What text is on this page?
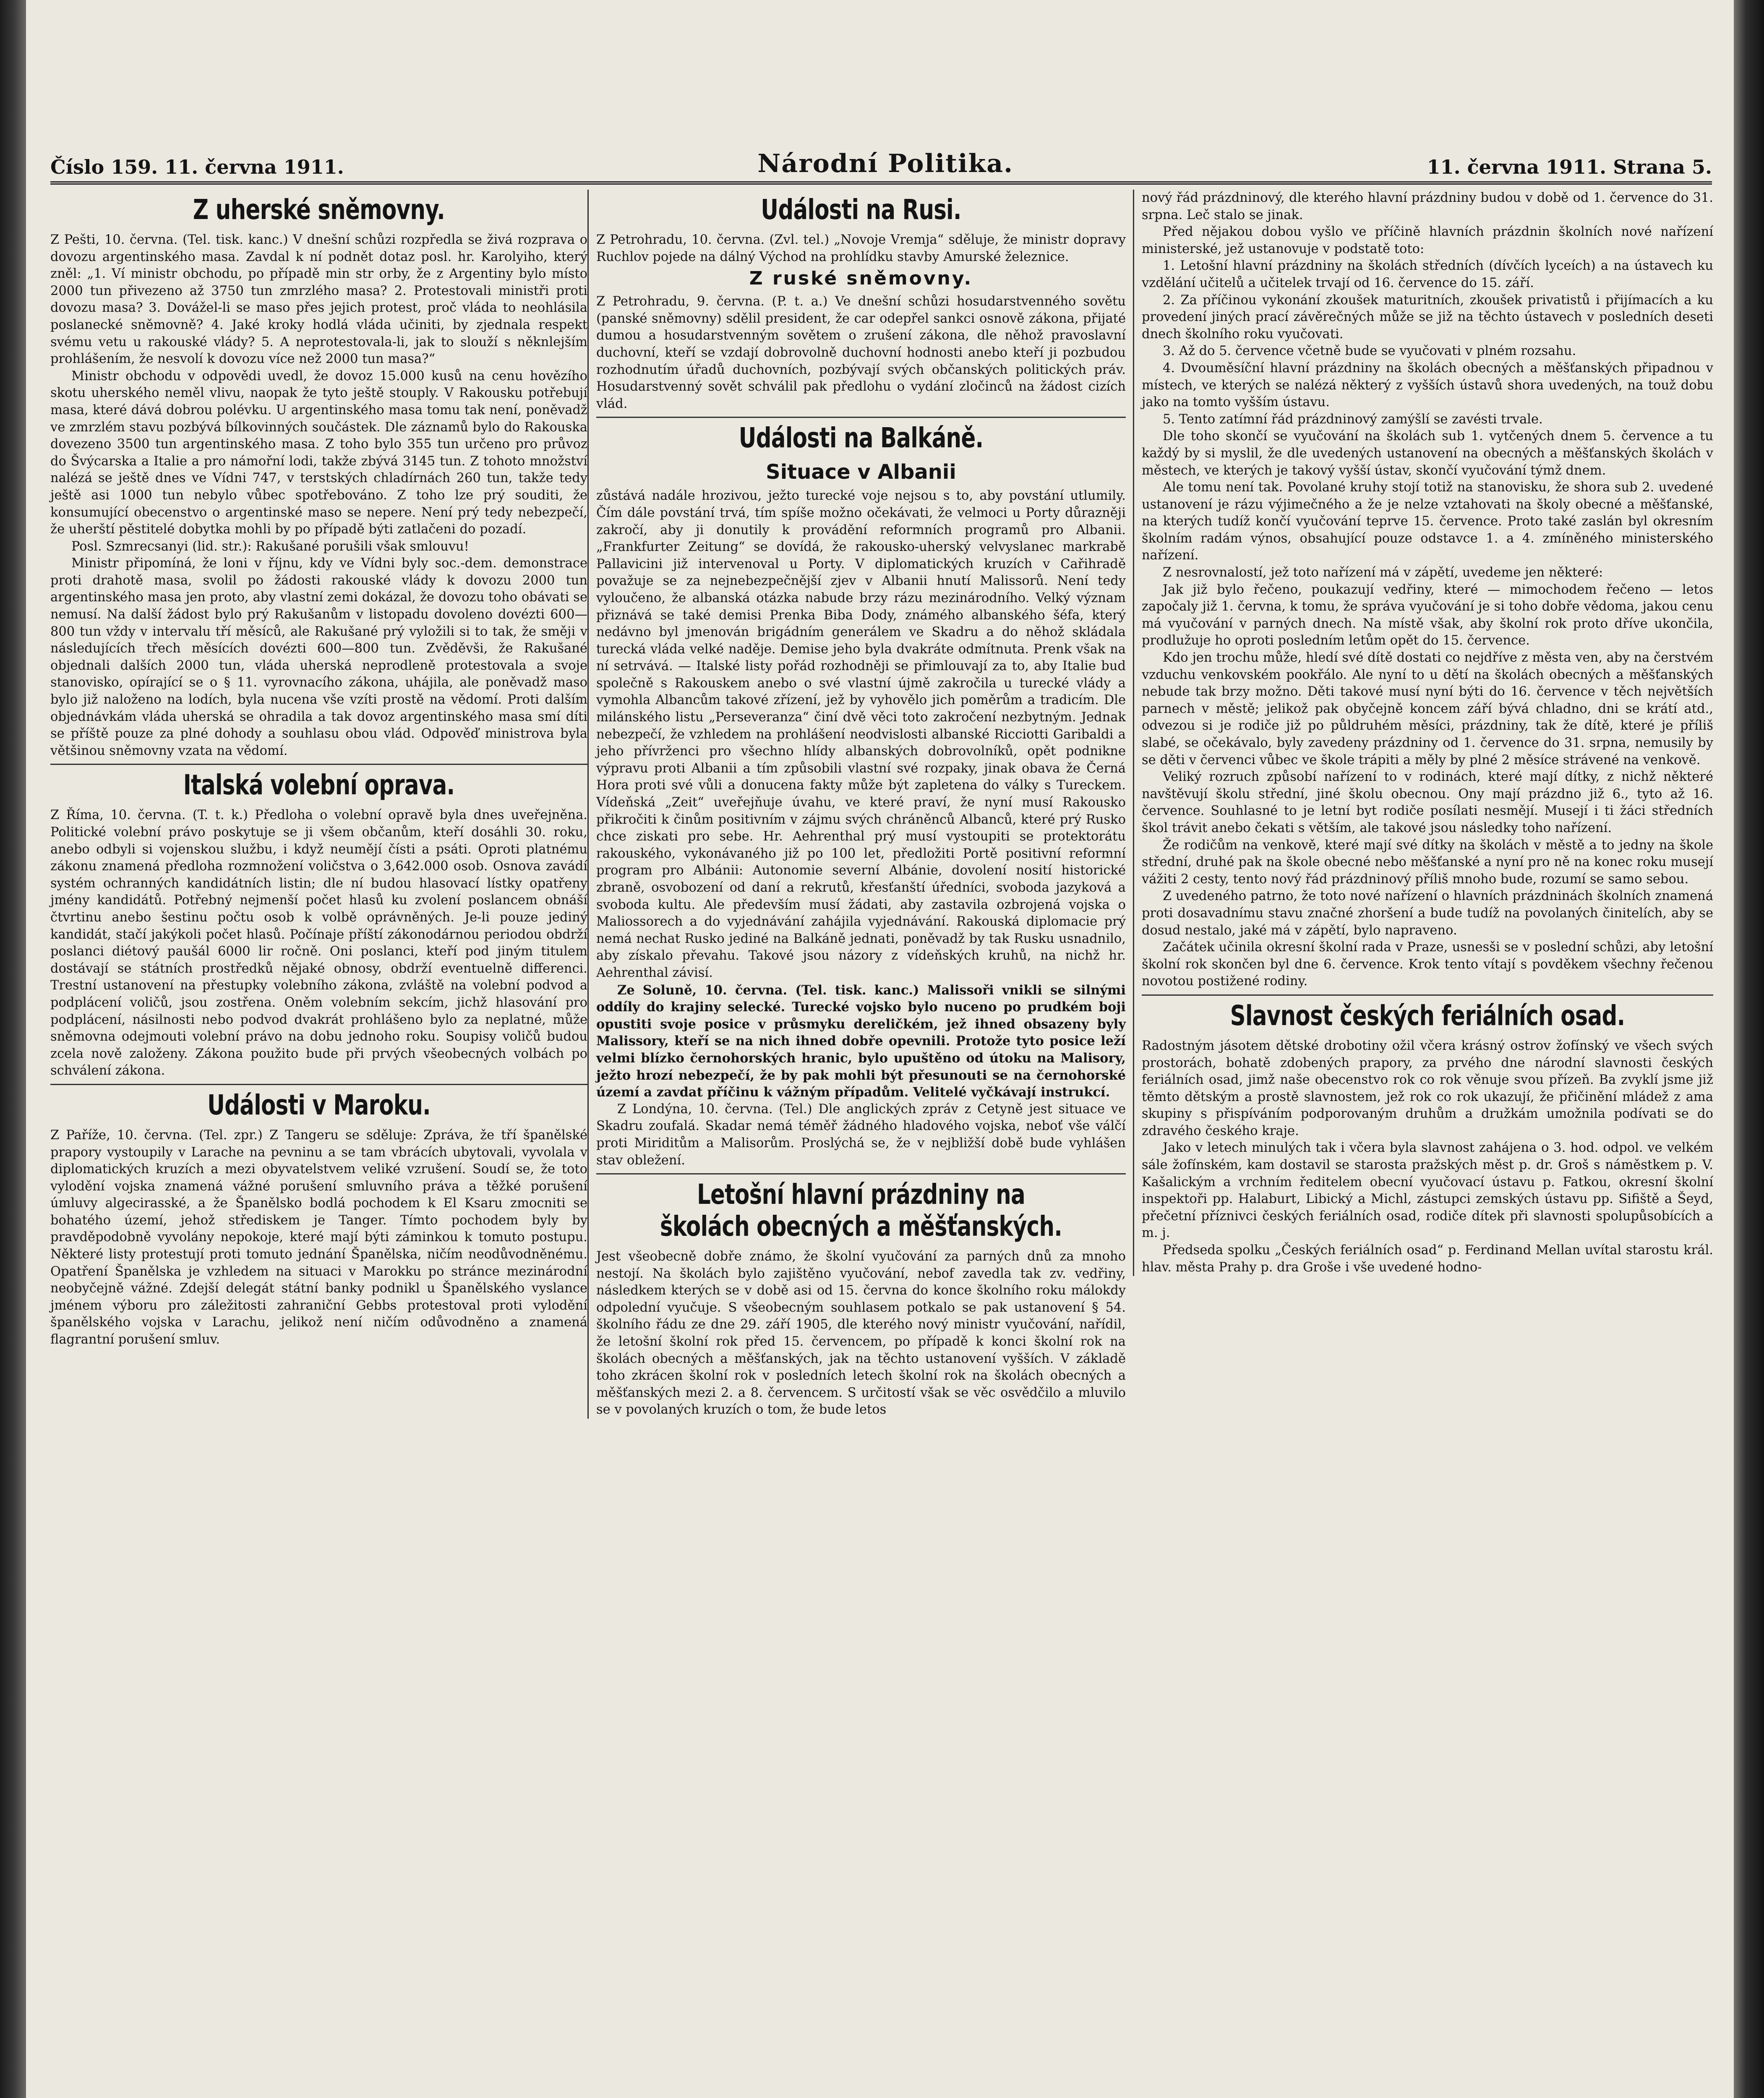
Číslo 159. 11. června 1911.	Národní Politika.	11. června 1911. Strana 5.
Z uherské sněmovny.

Z Pešti, 10. června. (Tel. tisk. kanc.) V dnešní schůzi rozpředla se živá rozprava o dovozu argentinského masa. Zavdal k ní podnět dotaz posl. hr. Karolyiho, který zněl: „1. Ví ministr obchodu, po případě min str orby, že z Argentiny bylo místo 2000 tun přivezeno až 3750 tun zmrzlého masa? 2. Protestovali ministři proti dovozu masa? 3. Dovážel-li se maso přes jejich protest, proč vláda to neohlásila poslanecké sněmovně? 4. Jaké kroky hodlá vláda učiniti, by zjednala respekt svému vetu u rakouské vlády? 5. A neprotestovala-li, jak to slouží s něknlejším prohlášením, že nesvolí k dovozu více než 2000 tun masa?“

Ministr obchodu v odpovědi uvedl, že dovoz 15.000 kusů na cenu hovězího skotu uherského neměl vlivu, naopak že tyto ještě stouply. V Rakousku potřebují masa, které dává dobrou polévku. U argentinského masa tomu tak není, poněvadž ve zmrzlém stavu pozbývá bílkovinných součástek. Dle záznamů bylo do Rakouska dovezeno 3500 tun argentinského masa. Z toho bylo 355 tun určeno pro průvoz do Švýcarska a Italie a pro námořní lodi, takže zbývá 3145 tun. Z tohoto množství nalézá se ještě dnes ve Vídni 747, v terstských chladírnách 260 tun, takže tedy ještě asi 1000 tun nebylo vůbec spotřebováno. Z toho lze prý souditi, že konsumující obecenstvo o argentinské maso se nepere. Není prý tedy nebezpečí, že uherští pěstitelé dobytka mohli by po případě býti zatlačeni do pozadí.

Posl. Szmrecsanyi (lid. str.): Rakušané porušili však smlouvu!

Ministr připomíná, že loni v říjnu, kdy ve Vídni byly soc.-dem. demonstrace proti drahotě masa, svolil po žádosti rakouské vlády k dovozu 2000 tun argentinského masa jen proto, aby vlastní zemi dokázal, že dovozu toho obávati se nemusí. Na další žádost bylo prý Rakušanům v listopadu dovoleno dovézti 600—800 tun vždy v intervalu tří měsíců, ale Rakušané prý vyložili si to tak, že směji v následujících třech měsících dovézti 600—800 tun. Zvěděvši, že Rakušané objednali dalších 2000 tun, vláda uherská neprodleně protestovala a svoje stanovisko, opírající se o § 11. vyrovnacího zákona, uhájila, ale poněvadž maso bylo již naloženo na lodích, byla nucena vše vzíti prostě na vědomí. Proti dalším objednávkám vláda uherská se ohradila a tak dovoz argentinského masa smí díti se příště pouze za plné dohody a souhlasu obou vlád. Odpověď ministrova byla většinou sněmovny vzata na vědomí.

Italská volební oprava.

Z Říma, 10. června. (T. t. k.) Předloha o volební opravě byla dnes uveřejněna. Politické volební právo poskytuje se ji všem občanům, kteří dosáhli 30. roku, anebo odbyli si vojenskou službu, i když neumějí čísti a psáti. Oproti platnému zákonu znamená předloha rozmnožení voličstva o 3,642.000 osob. Osnova zavádí systém ochranných kandidátních listin; dle ní budou hlasovací lístky opatřeny jmény kandidátů. Potřebný nejmenší počet hlasů ku zvolení poslancem obnáší čtvrtinu anebo šestinu počtu osob k volbě oprávněných. Je-li pouze jediný kandidát, stačí jakýkoli počet hlasů. Počínaje příští zákonodárnou periodou obdrží poslanci diétový paušál 6000 lir ročně. Oni poslanci, kteří pod jiným titulem dostávají se státních prostředků nějaké obnosy, obdrží eventuelně differenci. Trestní ustanovení na přestupky volebního zákona, zvláště na volební podvod a podplácení voličů, jsou zostřena. Oněm volebním sekcím, jichž hlasování pro podplácení, násilnosti nebo podvod dvakrát prohlášeno bylo za neplatné, může sněmovna odejmouti volební právo na dobu jednoho roku. Soupisy voličů budou zcela nově založeny. Zákona použito bude při prvých všeobecných volbách po schválení zákona.

Události v Maroku.

Z Paříže, 10. června. (Tel. zpr.) Z Tangeru se sděluje: Zpráva, že tří španělské prapory vystoupily v Larache na pevninu a se tam vbrácích ubytovali, vyvolala v diplomatických kruzích a mezi obyvatelstvem veliké vzrušení. Soudí se, že toto vylodění vojska znamená vážné porušení smluvního práva a těžké porušení úmluvy algecirasské, a že Španělsko bodlá pochodem k El Ksaru zmocniti se bohatého území, jehož střediskem je Tanger. Tímto pochodem byly by pravděpodobně vyvolány nepokoje, které mají býti záminkou k tomuto postupu. Některé listy protestují proti tomuto jednání Španělska, ničím neodůvodněnému. Opatření Španělska je vzhledem na situaci v Marokku po stránce mezinárodní neobyčejně vážné. Zdejší delegát státní banky podnikl u Španělského vyslance jménem výboru pro záležitosti zahraniční Gebbs protestoval proti vylodění španělského vojska v Larachu, jelikož není ničím odůvodněno a znamená flagrantní porušení smluv.

Události na Rusi.

Z Petrohradu, 10. června. (Zvl. tel.) „Novoje Vremja“ sděluje, že ministr dopravy Ruchlov pojede na dálný Východ na prohlídku stavby Amurské železnice.

Z ruské sněmovny.

Z Petrohradu, 9. června. (P. t. a.) Ve dnešní schůzi hosudarstvenného sovětu (panské sněmovny) sdělil president, že car odepřel sankci osnově zákona, přijaté dumou a hosudarstvenným sovětem o zrušení zákona, dle něhož pravoslavní duchovní, kteří se vzdají dobrovolně duchovní hodnosti anebo kteří ji pozbudou rozhodnutím úřadů duchovních, pozbývají svých občanských politických práv. Hosudarstvenný sovět schválil pak předlohu o vydání zločinců na žádost cizích vlád.

Události na Balkáně.
Situace v Albanii

zůstává nadále hrozivou, ježto turecké voje nejsou s to, aby povstání utlumily. Čím dále povstání trvá, tím spíše možno očekávati, že velmoci u Porty důrazněji zakročí, aby ji donutily k provádění reformních programů pro Albanii. „Frankfurter Zeitung“ se dovídá, že rakousko-uherský velvyslanec markrabě Pallavicini již intervenoval u Porty. V diplomatických kruzích v Cařihradě považuje se za nejnebezpečnější zjev v Albanii hnutí Malissorů. Není tedy vyloučeno, že albanská otázka nabude brzy rázu mezinárodního. Velký význam přiznává se také demisi Prenka Biba Dody, známého albanského šéfa, který nedávno byl jmenován brigádním generálem ve Skadru a do něhož skládala turecká vláda velké naděje. Demise jeho byla dvakráte odmítnuta. Prenk však na ní setrvává. — Italské listy pořád rozhodněji se přimlouvají za to, aby Italie bud společně s Rakouskem anebo o své vlastní újmě zakročila u turecké vlády a vymohla Albancům takové zřízení, jež by vyhovělo jich poměrům a tradicím. Dle milánského listu „Perseveranza“ činí dvě věci toto zakročení nezbytným. Jednak nebezpečí, že vzhledem na prohlášení neodvislosti albanské Ricciotti Garibaldi a jeho přívrženci pro všechno hlídy albanských dobrovolníků, opět podnikne výpravu proti Albanii a tím způsobili vlastní své rozpaky, jinak obava že Černá Hora proti své vůli a donucena fakty může být zapletena do války s Tureckem. Vídeňská „Zeit“ uveřejňuje úvahu, ve které praví, že nyní musí Rakousko přikročiti k činům positivním v zájmu svých chráněnců Albanců, které prý Rusko chce ziskati pro sebe. Hr. Aehrenthal prý musí vystoupiti se protektorátu rakouského, vykonávaného již po 100 let, předložiti Portě positivní reformní program pro Albánii: Autonomie severní Albánie, dovolení nosití historické zbraně, osvobození od daní a rekrutů, křesťanští úředníci, svoboda jazyková a svoboda kultu. Ale především musí žádati, aby zastavila ozbrojená vojska o Maliossorech a do vyjednávání zahájila vyjednávání. Rakouská diplomacie prý nemá nechat Rusko jediné na Balkáně jednati, poněvadž by tak Rusku usnadnilo, aby získalo převahu. Takové jsou názory z vídeňských kruhů, na nichž hr. Aehrenthal závisí.

Ze Soluně, 10. června. (Tel. tisk. kanc.) Malissoři vnikli se silnými oddíly do krajiny selecké. Turecké vojsko bylo nuceno po prudkém boji opustiti svoje posice v průsmyku dereličkém, jež ihned obsazeny byly Malissory, kteří se na nich ihned dobře opevnili. Protože tyto posice leží velmi blízko černohorských hranic, bylo upuštěno od útoku na Malisory, ježto hrozí nebezpečí, že by pak mohli být přesunouti se na černohorské území a zavdat příčinu k vážným případům. Velitelé vyčkávají instrukcí.

Z Londýna, 10. června. (Tel.) Dle anglických zpráv z Cetyně jest situace ve Skadru zoufalá. Skadar nemá téměř žádného hladového vojska, neboť vše válčí proti Miriditům a Malisorům. Proslýchá se, že v nejbližší době bude vyhlášen stav obležení.

Letošní hlavní prázdniny na školách obecných a měšťanských.

Jest všeobecně dobře známo, že školní vyučování za parných dnů za mnoho nestojí. Na školách bylo zajištěno vyučování, nebof zavedla tak zv. vedřiny, následkem kterých se v době asi od 15. června do konce školního roku málokdy odpolední vyučuje. S všeobecným souhlasem potkalo se pak ustanovení § 54. školního řádu ze dne 29. září 1905, dle kterého nový ministr vyučování, nařídil, že letošní školní rok před 15. červencem, po případě k konci školní rok na školách obecných a měšťanských, jak na těchto ustanovení vyšších. V základě toho zkrácen školní rok v posledních letech školní rok na školách obecných a měšťanských mezi 2. a 8. červencem. S určitostí však se věc osvědčilo a mluvilo se v povolaných kruzích o tom, že bude letos

nový řád prázdninový, dle kterého hlavní prázdniny budou v době od 1. července do 31. srpna. Leč stalo se jinak.

Před nějakou dobou vyšlo ve příčině hlavních prázdnin školních nové nařízení ministerské, jež ustanovuje v podstatě toto:

1. Letošní hlavní prázdniny na školách středních (dívčích lyceích) a na ústavech ku vzdělání učitelů a učitelek trvají od 16. července do 15. září.

2. Za příčinou vykonání zkoušek maturitních, zkoušek privatistů i přijímacích a ku provedení jiných prací závěrečných může se již na těchto ústavech v posledních deseti dnech školního roku vyučovati.

3. Až do 5. července včetně bude se vyučovati v plném rozsahu.

4. Dvouměsíční hlavní prázdniny na školách obecných a měšťanských připadnou v místech, ve kterých se nalézá některý z vyšších ústavů shora uvedených, na touž dobu jako na tomto vyšším ústavu.

5. Tento zatímní řád prázdninový zamýšlí se zavésti trvale.

Dle toho skončí se vyučování na školách sub 1. vytčených dnem 5. července a tu každý by si myslil, že dle uvedených ustanovení na obecných a měšťanských školách v městech, ve kterých je takový vyšší ústav, skončí vyučování týmž dnem.

Ale tomu není tak. Povolané kruhy stojí totiž na stanovisku, že shora sub 2. uvedené ustanovení je rázu výjimečného a že je nelze vztahovati na školy obecné a měšťanské, na kterých tudíž končí vyučování teprve 15. července. Proto také zaslán byl okresním školním radám výnos, obsahující pouze odstavce 1. a 4. zmíněného ministerského nařízení.

Z nesrovnalostí, jež toto nařízení má v zápětí, uvedeme jen některé:

Jak již bylo řečeno, poukazují vedřiny, které — mimochodem řečeno — letos započaly již 1. června, k tomu, že správa vyučování je si toho dobře vědoma, jakou cenu má vyučování v parných dnech. Na místě však, aby školní rok proto dříve ukončila, prodlužuje ho oproti posledním letům opět do 15. července.

Kdo jen trochu může, hledí své dítě dostati co nejdříve z města ven, aby na čerstvém vzduchu venkovském pookřálo. Ale nyní to u dětí na školách obecných a měšťanských nebude tak brzy možno. Děti takové musí nyní býti do 16. července v těch největších parnech v městě; jelikož pak obyčejně koncem září bývá chladno, dni se krátí atd., odvezou si je rodiče již po půldruhém měsíci, prázdniny, tak že dítě, které je příliš slabé, se očekávalo, byly zavedeny prázdniny od 1. července do 31. srpna, nemusily by se děti v červenci vůbec ve škole trápiti a měly by plné 2 měsíce strávené na venkově.

Veliký rozruch způsobí nařízení to v rodinách, které mají dítky, z nichž některé navštěvují školu střední, jiné školu obecnou. Ony mají prázdno již 6., tyto až 16. července. Souhlasné to je letní byt rodiče posílati nesmějí. Musejí i ti žáci středních škol trávit anebo čekati s větším, ale takové jsou následky toho nařízení.

Že rodičům na venkově, které mají své dítky na školách v městě a to jedny na škole střední, druhé pak na škole obecné nebo měšťanské a nyní pro ně na konec roku musejí vážiti 2 cesty, tento nový řád prázdninový příliš mnoho bude, rozumí se samo sebou.

Z uvedeného patrno, že toto nové nařízení o hlavních prázdninách školních znamená proti dosavadnímu stavu značné zhoršení a bude tudíž na povolaných činitelích, aby se dosud nestalo, jaké má v zápětí, bylo napraveno.

Začátek učinila okresní školní rada v Praze, usnesši se v poslední schůzi, aby letošní školní rok skončen byl dne 6. července. Krok tento vítají s povděkem všechny řečenou novotou postižené rodiny.

Slavnost českých feriálních osad.

Radostným jásotem dětské drobotiny ožil včera krásný ostrov žofínský ve všech svých prostorách, bohatě zdobených prapory, za prvého dne národní slavnosti českých feriálních osad, jimž naše obecenstvo rok co rok věnuje svou přízeň. Ba zvyklí jsme již těmto dětským a prostě slavnostem, jež rok co rok ukazují, že přičinění mládež z ama skupiny s přispíváním podporovaným druhům a družkám umožnila podívati se do zdravého českého kraje.

Jako v letech minulých tak i včera byla slavnost zahájena o 3. hod. odpol. ve velkém sále žofínském, kam dostavil se starosta pražských měst p. dr. Groš s náměstkem p. V. Kašalickým a vrchním ředitelem obecní vyučovací ústavu p. Fatkou, okresní školní inspektoři pp. Halaburt, Libický a Michl, zástupci zemských ústavu pp. Sifiště a Šeyd, přečetní příznivci českých feriálních osad, rodiče dítek při slavnosti spolupůsobících a m. j.

Předseda spolku „Českých feriálních osad“ p. Ferdinand Mellan uvítal starostu král. hlav. města Prahy p. dra Groše i vše uvedené hodno-
